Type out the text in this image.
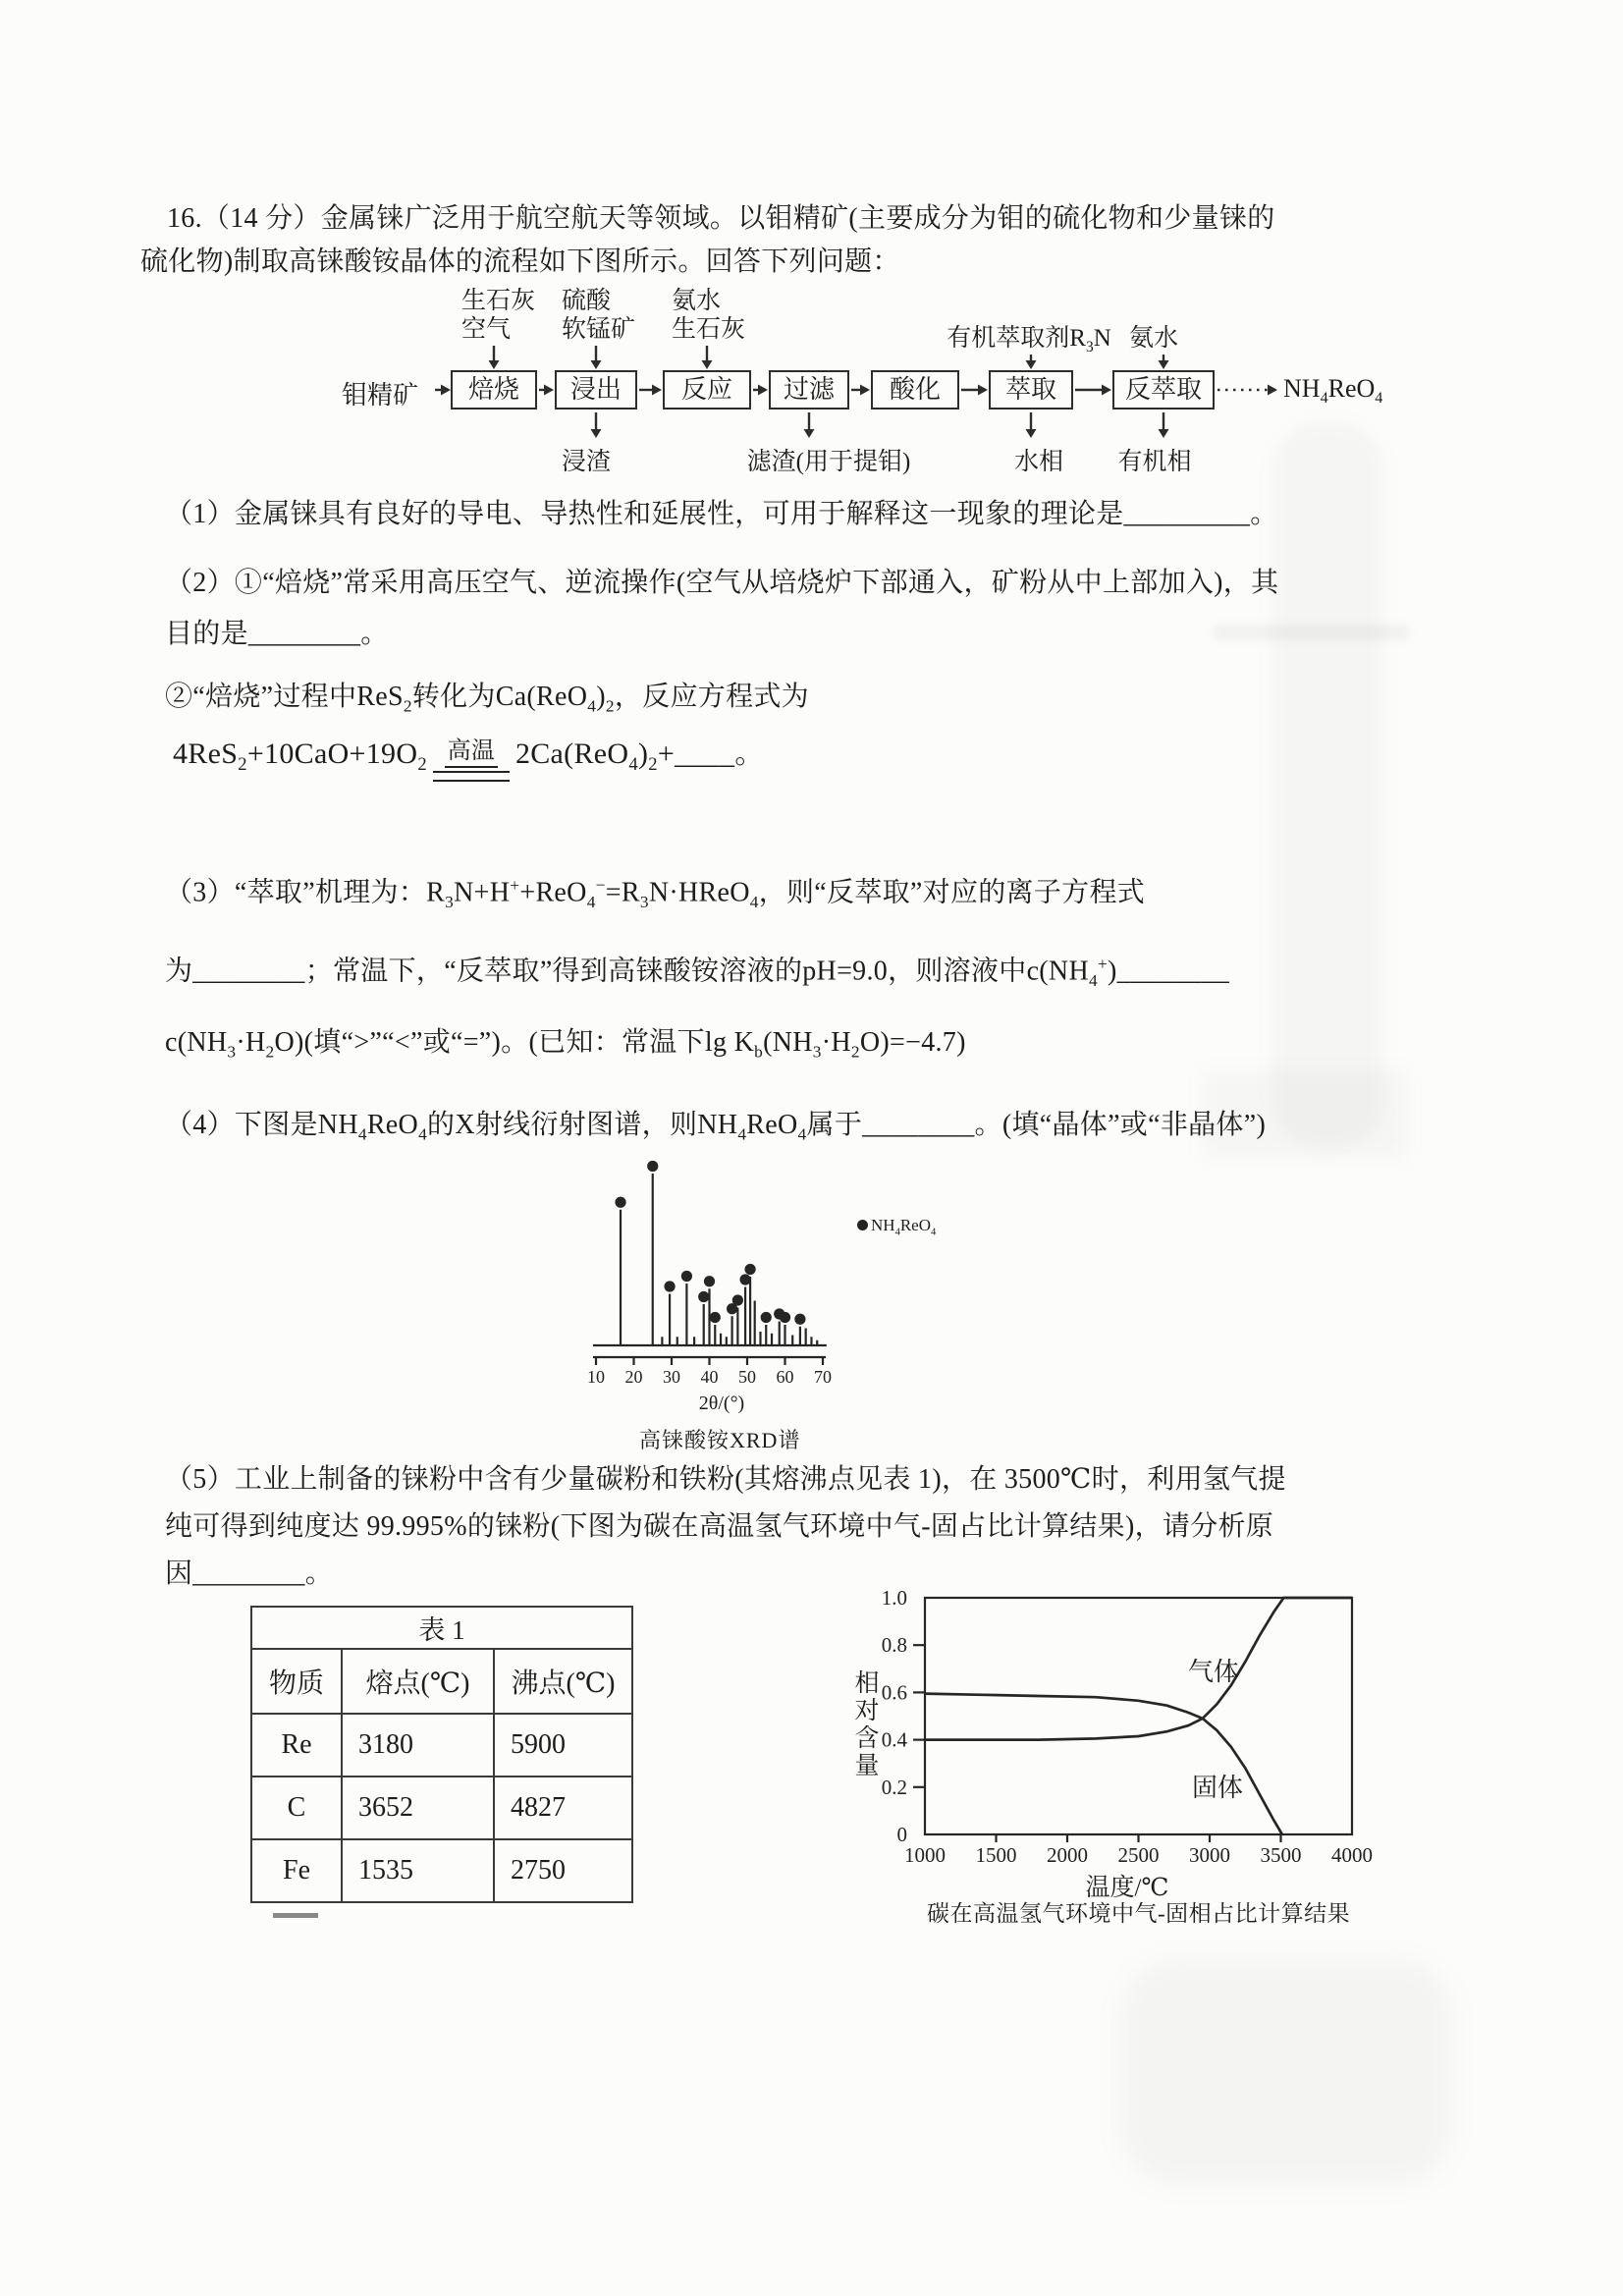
16.（14 分）金属铼广泛用于航空航天等领域。以钼精矿(主要成分为钼的硫化物和少量铼的
硫化物)制取高铼酸铵晶体的流程如下图所示。回答下列问题：
焙烧
生石灰
空气
浸出
硫酸
软锰矿
浸渣
反应
氨水
生石灰
过滤
滤渣(用于提钼)
酸化	萃取
有机萃取剂$R_3N$
水相
反萃取
氨水
有机相
钼精矿	$NH_4ReO_4$
（1）金属铼具有良好的导电、导热性和延展性，可用于解释这一现象的理论是_________。
（2）①“焙烧”常采用高压空气、逆流操作(空气从培烧炉下部通入，矿粉从中上部加入)，其
目的是________。
②“焙烧”过程中ReS$_2$转化为$Ca(ReO_4)_2$，反应方程式为
$4ReS_2+10CaO+19O_2$
高温 $2Ca(ReO_4)_2+\_\_\_\_$。
（3）“萃取”机理为：$R_3N+H^++ReO_4^-=R_3N\cdot HReO_4$，则“反萃取”对应的离子方程式
为________；常温下，“反萃取”得到高铼酸铵溶液的pH=9.0，则溶液中$c(NH_4^+)\_\_\_\_\_\_\_\_$
$c(NH_3\cdot H_2O)$(填“>”“<”或“=”)。(已知：常温下$\lg K_b(NH_3\cdot H_2O)=-4.7$)
（4）下图是$NH_4ReO_4$的X射线衍射图谱，则$NH_4ReO_4$属于________。(填“晶体”或“非晶体”)
10 20 30 40 50 60 70
$NH_4ReO_4$
2θ/(°)
高铼酸铵XRD谱
（5）工业上制备的铼粉中含有少量碳粉和铁粉(其熔沸点见表 1)，在 3500℃时，利用氢气提
纯可得到纯度达 99.995%的铼粉(下图为碳在高温氢气环境中气-固占比计算结果)，请分析原
因________。
表 1		
物质	熔点(℃)	沸点(℃)
Re	3180	5900
C	3652	4827
Fe	1535	2750
0
0.2
0.4
0.6
0.8
1.0
1000 1500 2000 2500 3000 3500 4000
相对含量	气体
固体
温度/℃
碳在高温氢气环境中气-固相占比计算结果
